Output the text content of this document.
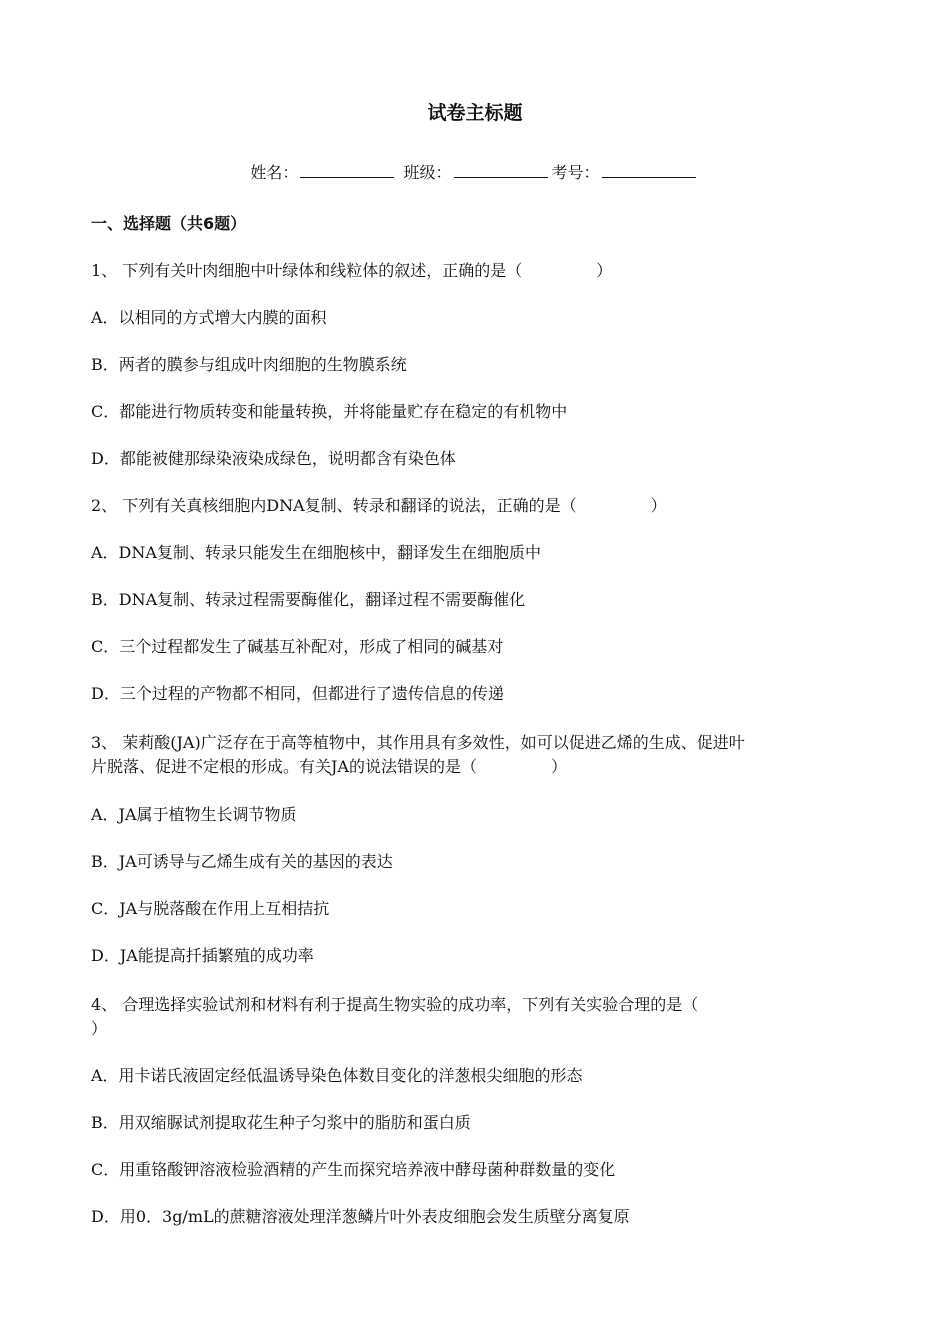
试卷主标题
姓名：	班级：	考号：
一、选择题（共6题）
1、 下列有关叶肉细胞中叶绿体和线粒体的叙述，正确的是（	）
A．以相同的方式增大内膜的面积
B．两者的膜参与组成叶肉细胞的生物膜系统
C．都能进行物质转变和能量转换，并将能量贮存在稳定的有机物中
D．都能被健那绿染液染成绿色，说明都含有染色体
2、 下列有关真核细胞内DNA复制、转录和翻译的说法，正确的是（	）
A．DNA复制、转录只能发生在细胞核中，翻译发生在细胞质中
B．DNA复制、转录过程需要酶催化，翻译过程不需要酶催化
C．三个过程都发生了碱基互补配对，形成了相同的碱基对
D．三个过程的产物都不相同，但都进行了遗传信息的传递
3、 茉莉酸(JA)广泛存在于高等植物中，其作用具有多效性，如可以促进乙烯的生成、促进叶
片脱落、促进不定根的形成。有关JA的说法错误的是（	）
A．JA属于植物生长调节物质
B．JA可诱导与乙烯生成有关的基因的表达
C．JA与脱落酸在作用上互相拮抗
D．JA能提高扦插繁殖的成功率
4、 合理选择实验试剂和材料有利于提高生物实验的成功率，下列有关实验合理的是（
）
A．用卡诺氏液固定经低温诱导染色体数目变化的洋葱根尖细胞的形态
B．用双缩脲试剂提取花生种子匀浆中的脂肪和蛋白质
C．用重铬酸钾溶液检验酒精的产生而探究培养液中酵母菌种群数量的变化
D．用0．3g/mL的蔗糖溶液处理洋葱鳞片叶外表皮细胞会发生质壁分离复原
